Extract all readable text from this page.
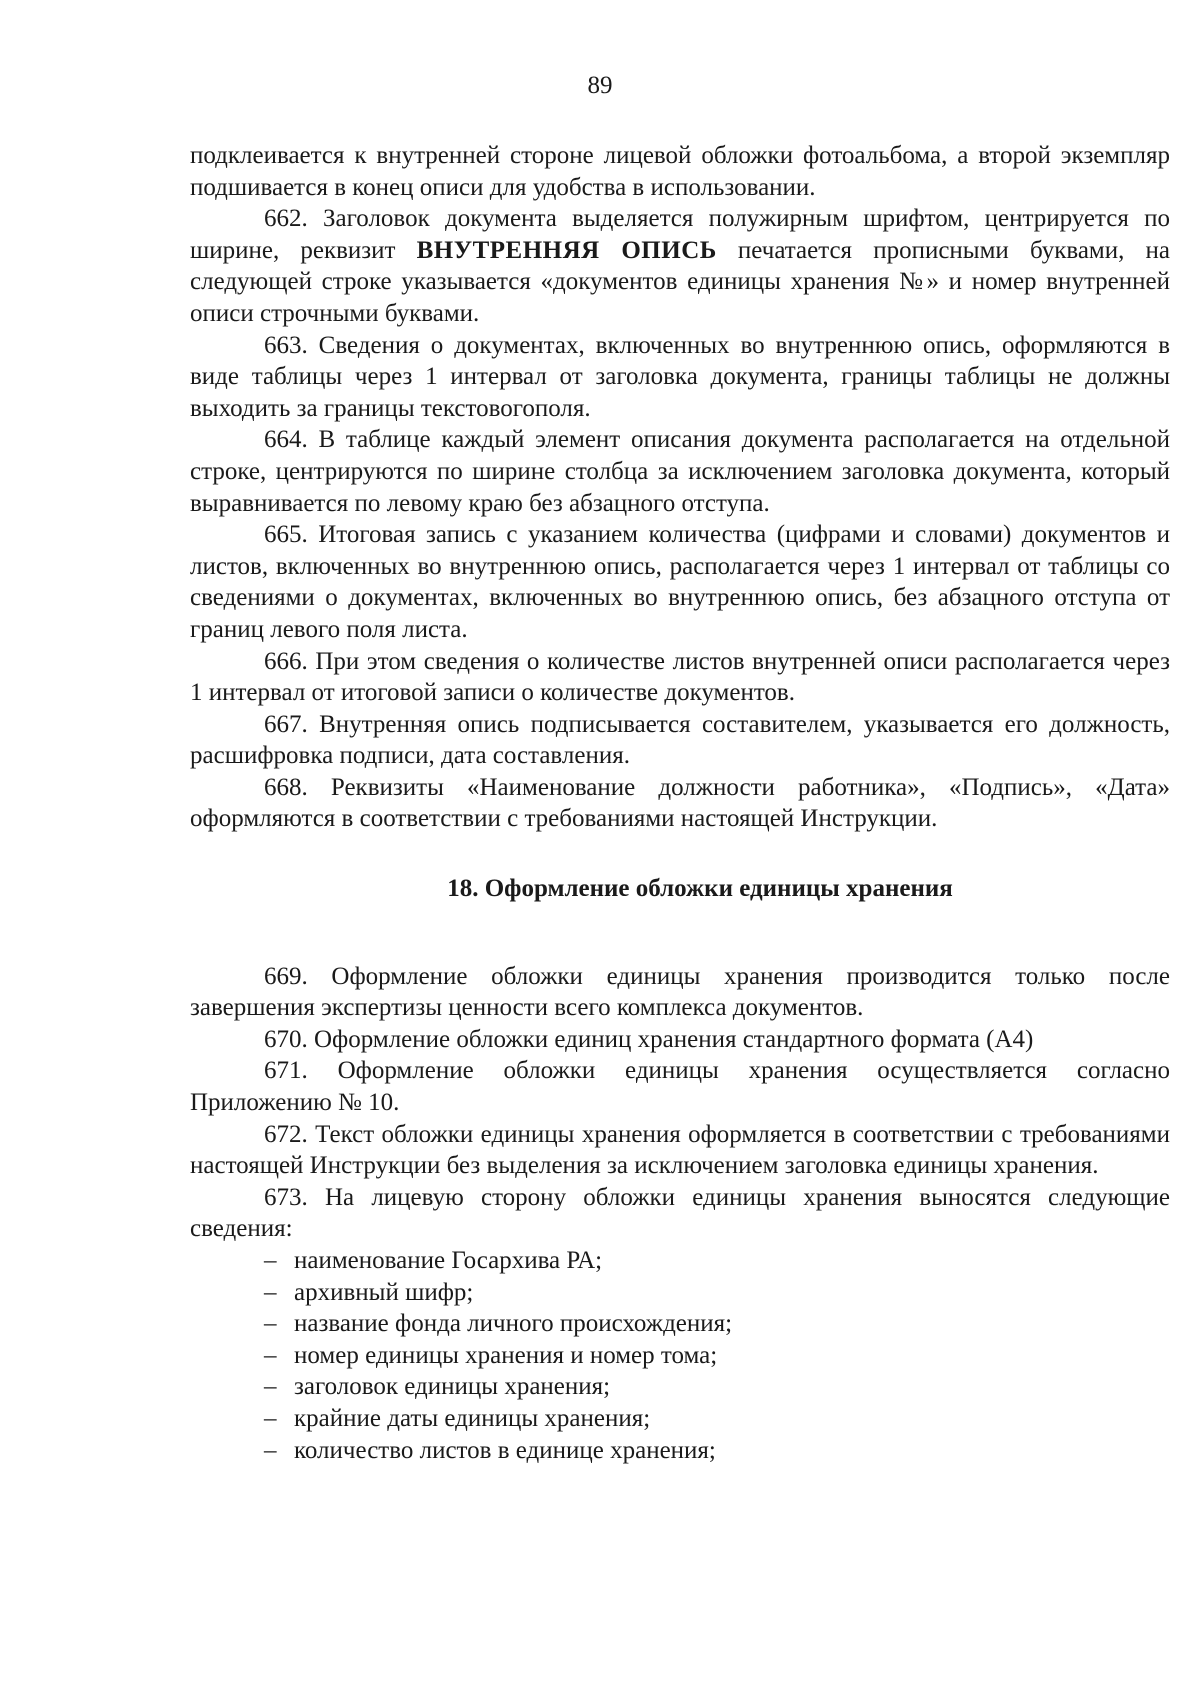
89

подклеивается к внутренней стороне лицевой обложки фотоальбома, а второй экземпляр подшивается в конец описи для удобства в использовании.

662. Заголовок документа выделяется полужирным шрифтом, центрируется по ширине, реквизит ВНУТРЕННЯЯ ОПИСЬ печатается прописными буквами, на следующей строке указывается «документов единицы хранения №» и номер внутренней описи строчными буквами.

663. Сведения о документах, включенных во внутреннюю опись, оформляются в виде таблицы через 1 интервал от заголовка документа, границы таблицы не должны выходить за границы текстовогополя.

664. В таблице каждый элемент описания документа располагается на отдельной строке, центрируются по ширине столбца за исключением заголовка документа, который выравнивается по левому краю без абзацного отступа.

665. Итоговая запись с указанием количества (цифрами и словами) документов и листов, включенных во внутреннюю опись, располагается через 1 интервал от таблицы со сведениями о документах, включенных во внутреннюю опись, без абзацного отступа от границ левого поля листа.

666. При этом сведения о количестве листов внутренней описи располагается через 1 интервал от итоговой записи о количестве документов.

667. Внутренняя опись подписывается составителем, указывается его должность, расшифровка подписи, дата составления.

668. Реквизиты «Наименование должности работника», «Подпись», «Дата» оформляются в соответствии с требованиями настоящей Инструкции.

18. Оформление обложки единицы хранения

669. Оформление обложки единицы хранения производится только после завершения экспертизы ценности всего комплекса документов.

670. Оформление обложки единиц хранения стандартного формата (А4)

671. Оформление обложки единицы хранения осуществляется согласно Приложению № 10.

672. Текст обложки единицы хранения оформляется в соответствии с требованиями настоящей Инструкции без выделения за исключением заголовка единицы хранения.

673. На лицевую сторону обложки единицы хранения выносятся следующие сведения:

– наименование Госархива РА;
– архивный шифр;
– название фонда личного происхождения;
– номер единицы хранения и номер тома;
– заголовок единицы хранения;
– крайние даты единицы хранения;
– количество листов в единице хранения;
